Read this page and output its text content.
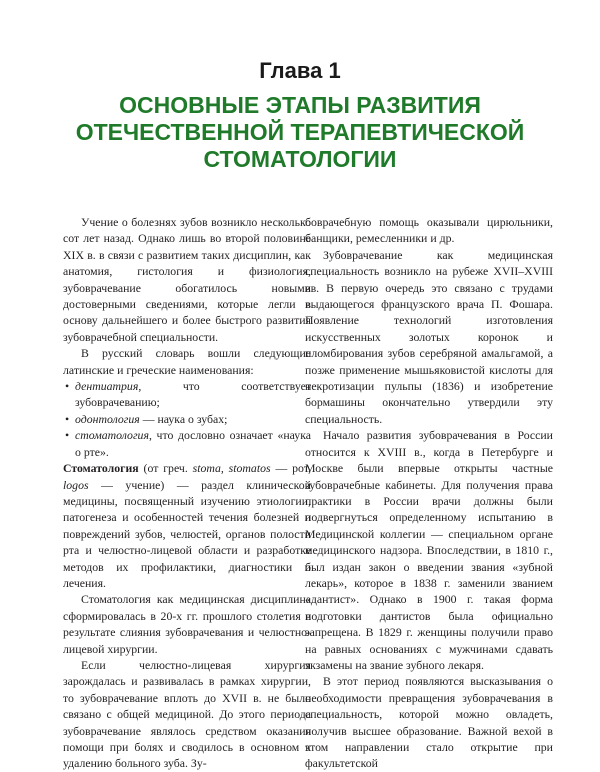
Глава 1
ОСНОВНЫЕ ЭТАПЫ РАЗВИТИЯ
ОТЕЧЕСТВЕННОЙ ТЕРАПЕВТИЧЕСКОЙ
СТОМАТОЛОГИИ

Учение о болезнях зубов возникло несколько сот лет назад. Однако лишь во второй половине XIX в. в связи с развитием таких дисциплин, как анатомия, гистология и физиология, зубоврачевание обогатилось новыми достоверными сведениями, которые легли в основу дальнейшего и более быстрого развития зубоврачебной специальности.

В русский словарь вошли следующие латинские и греческие наименования:

• дентиатрия, что соответствует зубоврачеванию;
• одонтология — наука о зубах;
• стоматология, что дословно означает «наука о рте».

Стоматология (от греч. stoma, stomatos — рот, logos — учение) — раздел клинической медицины, посвященный изучению этиологии, патогенеза и особенностей течения болезней и повреждений зубов, челюстей, органов полости рта и челюстно-лицевой области и разработке методов их профилактики, диагностики и лечения.

Стоматология как медицинская дисциплина сформировалась в 20-х гг. прошлого столетия в результате слияния зубоврачевания и челюстно-лицевой хирургии.

Если челюстно-лицевая хирургия зарождалась и развивалась в рамках хирургии, то зубоврачевание вплоть до XVII в. не было связано с общей медициной. До этого периода зубоврачевание являлось средством оказания помощи при болях и сводилось в основном к удалению больного зуба. Зу-

боврачебную помощь оказывали цирюльники, банщики, ремесленники и др.

Зубоврачевание как медицинская специальность возникло на рубеже XVII–XVIII вв. В первую очередь это связано с трудами выдающегося французского врача П. Фошара. Появление технологий изготовления искусственных золотых коронок и пломбирования зубов серебряной амальгамой, а позже применение мышьяковистой кислоты для некротизации пульпы (1836) и изобретение бормашины окончательно утвердили эту специальность.

Начало развития зубоврачевания в России относится к XVIII в., когда в Петербурге и Москве были впервые открыты частные зубоврачебные кабинеты. Для получения права практики в России врачи должны были подвергнуться определенному испытанию в Медицинской коллегии — специальном органе медицинского надзора. Впоследствии, в 1810 г., был издан закон о введении звания «зубной лекарь», которое в 1838 г. заменили званием «дантист». Однако в 1900 г. такая форма подготовки дантистов была официально запрещена. В 1829 г. женщины получили право на равных основаниях с мужчинами сдавать экзамены на звание зубного лекаря.

В этот период появляются высказывания о необходимости превращения зубоврачевания в специальность, которой можно овладеть, получив высшее образование. Важной вехой в этом направлении стало открытие при факультетской
